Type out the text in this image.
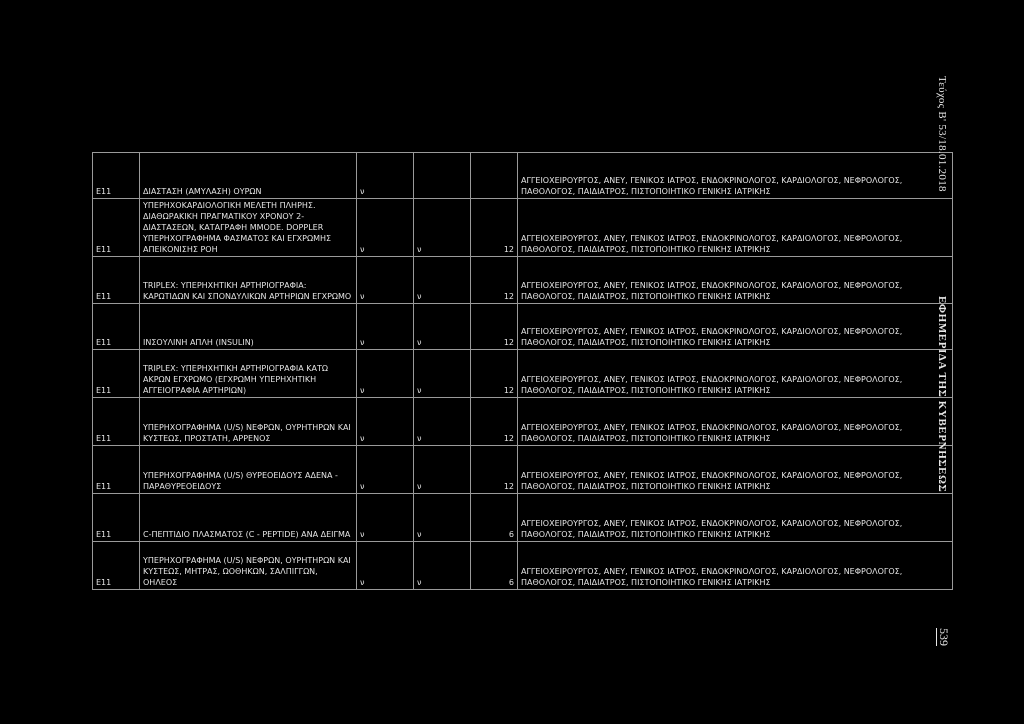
Ε11	ΔΙΑΣΤΑΣΗ (ΑΜΥΛΑΣΗ) ΟΥΡΩΝ	ν			ΑΓΓΕΙΟΧΕΙΡΟΥΡΓΟΣ, ΑΝΕΥ, ΓΕΝΙΚΟΣ ΙΑΤΡΟΣ, ΕΝΔΟΚΡΙΝΟΛΟΓΟΣ, ΚΑΡΔΙΟΛΟΓΟΣ, ΝΕΦΡΟΛΟΓΟΣ, ΠΑΘΟΛΟΓΟΣ, ΠΑΙΔΙΑΤΡΟΣ, ΠΙΣΤΟΠΟΙΗΤΙΚΟ ΓΕΝΙΚΗΣ ΙΑΤΡΙΚΗΣ
Ε11	ΥΠΕΡΗΧΟΚΑΡΔΙΟΛΟΓΙΚΗ ΜΕΛΕΤΗ ΠΛΗΡΗΣ. ΔΙΑΘΩΡΑΚΙΚΗ ΠΡΑΓΜΑΤΙΚΟΥ ΧΡΟΝΟΥ 2-ΔΙΑΣΤΑΣΕΩΝ, ΚΑΤΑΓΡΑΦΗ MMODE. DOPPLER ΥΠΕΡΗΧΟΓΡΑΦΗΜΑ ΦΑΣΜΑΤΟΣ ΚΑΙ ΕΓΧΡΩΜΗΣ ΑΠΕΙΚΟΝΙΣΗΣ ΡΟΗ	ν	ν	12	ΑΓΓΕΙΟΧΕΙΡΟΥΡΓΟΣ, ΑΝΕΥ, ΓΕΝΙΚΟΣ ΙΑΤΡΟΣ, ΕΝΔΟΚΡΙΝΟΛΟΓΟΣ, ΚΑΡΔΙΟΛΟΓΟΣ, ΝΕΦΡΟΛΟΓΟΣ, ΠΑΘΟΛΟΓΟΣ, ΠΑΙΔΙΑΤΡΟΣ, ΠΙΣΤΟΠΟΙΗΤΙΚΟ ΓΕΝΙΚΗΣ ΙΑΤΡΙΚΗΣ
Ε11	TRIPLEX: ΥΠΕΡΗΧΗΤΙΚΗ ΑΡΤΗΡΙΟΓΡΑΦΙΑ: ΚΑΡΩΤΙΔΩΝ ΚΑΙ ΣΠΟΝΔΥΛΙΚΩΝ ΑΡΤΗΡΙΩΝ ΕΓΧΡΩΜΟ	ν	ν	12	ΑΓΓΕΙΟΧΕΙΡΟΥΡΓΟΣ, ΑΝΕΥ, ΓΕΝΙΚΟΣ ΙΑΤΡΟΣ, ΕΝΔΟΚΡΙΝΟΛΟΓΟΣ, ΚΑΡΔΙΟΛΟΓΟΣ, ΝΕΦΡΟΛΟΓΟΣ, ΠΑΘΟΛΟΓΟΣ, ΠΑΙΔΙΑΤΡΟΣ, ΠΙΣΤΟΠΟΙΗΤΙΚΟ ΓΕΝΙΚΗΣ ΙΑΤΡΙΚΗΣ
Ε11	ΙΝΣΟΥΛΙΝΗ ΑΠΛΗ (INSULIN)	ν	ν	12	ΑΓΓΕΙΟΧΕΙΡΟΥΡΓΟΣ, ΑΝΕΥ, ΓΕΝΙΚΟΣ ΙΑΤΡΟΣ, ΕΝΔΟΚΡΙΝΟΛΟΓΟΣ, ΚΑΡΔΙΟΛΟΓΟΣ, ΝΕΦΡΟΛΟΓΟΣ, ΠΑΘΟΛΟΓΟΣ, ΠΑΙΔΙΑΤΡΟΣ, ΠΙΣΤΟΠΟΙΗΤΙΚΟ ΓΕΝΙΚΗΣ ΙΑΤΡΙΚΗΣ
Ε11	TRIPLEX: ΥΠΕΡΗΧΗΤΙΚΗ ΑΡΤΗΡΙΟΓΡΑΦΙΑ ΚΑΤΩ ΑΚΡΩΝ ΕΓΧΡΩΜΟ (ΕΓΧΡΩΜΗ ΥΠΕΡΗΧΗΤΙΚΗ ΑΓΓΕΙΟΓΡΑΦΙΑ ΑΡΤΗΡΙΩΝ)	ν	ν	12	ΑΓΓΕΙΟΧΕΙΡΟΥΡΓΟΣ, ΑΝΕΥ, ΓΕΝΙΚΟΣ ΙΑΤΡΟΣ, ΕΝΔΟΚΡΙΝΟΛΟΓΟΣ, ΚΑΡΔΙΟΛΟΓΟΣ, ΝΕΦΡΟΛΟΓΟΣ, ΠΑΘΟΛΟΓΟΣ, ΠΑΙΔΙΑΤΡΟΣ, ΠΙΣΤΟΠΟΙΗΤΙΚΟ ΓΕΝΙΚΗΣ ΙΑΤΡΙΚΗΣ
Ε11	ΥΠΕΡΗΧΟΓΡΑΦΗΜΑ (U/S) ΝΕΦΡΩΝ, ΟΥΡΗΤΗΡΩΝ ΚΑΙ ΚΥΣΤΕΩΣ, ΠΡΟΣΤΑΤΗ, ΑΡΡΕΝΟΣ	ν	ν	12	ΑΓΓΕΙΟΧΕΙΡΟΥΡΓΟΣ, ΑΝΕΥ, ΓΕΝΙΚΟΣ ΙΑΤΡΟΣ, ΕΝΔΟΚΡΙΝΟΛΟΓΟΣ, ΚΑΡΔΙΟΛΟΓΟΣ, ΝΕΦΡΟΛΟΓΟΣ, ΠΑΘΟΛΟΓΟΣ, ΠΑΙΔΙΑΤΡΟΣ, ΠΙΣΤΟΠΟΙΗΤΙΚΟ ΓΕΝΙΚΗΣ ΙΑΤΡΙΚΗΣ
Ε11	ΥΠΕΡΗΧΟΓΡΑΦΗΜΑ (U/S) ΘΥΡΕΟΕΙΔΟΥΣ ΑΔΕΝΑ - ΠΑΡΑΘΥΡΕΟΕΙΔΟΥΣ	ν	ν	12	ΑΓΓΕΙΟΧΕΙΡΟΥΡΓΟΣ, ΑΝΕΥ, ΓΕΝΙΚΟΣ ΙΑΤΡΟΣ, ΕΝΔΟΚΡΙΝΟΛΟΓΟΣ, ΚΑΡΔΙΟΛΟΓΟΣ, ΝΕΦΡΟΛΟΓΟΣ, ΠΑΘΟΛΟΓΟΣ, ΠΑΙΔΙΑΤΡΟΣ, ΠΙΣΤΟΠΟΙΗΤΙΚΟ ΓΕΝΙΚΗΣ ΙΑΤΡΙΚΗΣ
Ε11	C-ΠΕΠΤΙΔΙΟ ΠΛΑΣΜΑΤΟΣ (C - PEPTIDE) ΑΝΑ ΔΕΙΓΜΑ	ν	ν	6	ΑΓΓΕΙΟΧΕΙΡΟΥΡΓΟΣ, ΑΝΕΥ, ΓΕΝΙΚΟΣ ΙΑΤΡΟΣ, ΕΝΔΟΚΡΙΝΟΛΟΓΟΣ, ΚΑΡΔΙΟΛΟΓΟΣ, ΝΕΦΡΟΛΟΓΟΣ, ΠΑΘΟΛΟΓΟΣ, ΠΑΙΔΙΑΤΡΟΣ, ΠΙΣΤΟΠΟΙΗΤΙΚΟ ΓΕΝΙΚΗΣ ΙΑΤΡΙΚΗΣ
Ε11	ΥΠΕΡΗΧΟΓΡΑΦΗΜΑ (U/S) ΝΕΦΡΩΝ, ΟΥΡΗΤΗΡΩΝ ΚΑΙ ΚΥΣΤΕΩΣ, ΜΗΤΡΑΣ, ΩΟΘΗΚΩΝ, ΣΑΛΠΙΓΓΩΝ, ΟΗΛΕΟΣ	ν	ν	6	ΑΓΓΕΙΟΧΕΙΡΟΥΡΓΟΣ, ΑΝΕΥ, ΓΕΝΙΚΟΣ ΙΑΤΡΟΣ, ΕΝΔΟΚΡΙΝΟΛΟΓΟΣ, ΚΑΡΔΙΟΛΟΓΟΣ, ΝΕΦΡΟΛΟΓΟΣ, ΠΑΘΟΛΟΓΟΣ, ΠΑΙΔΙΑΤΡΟΣ, ΠΙΣΤΟΠΟΙΗΤΙΚΟ ΓΕΝΙΚΗΣ ΙΑΤΡΙΚΗΣ
Τεύχος Β' 53/18.01.2018
ΕΦΗΜΕΡΙΔΑ ΤΗΣ ΚΥΒΕΡΝΗΣΕΩΣ
539
